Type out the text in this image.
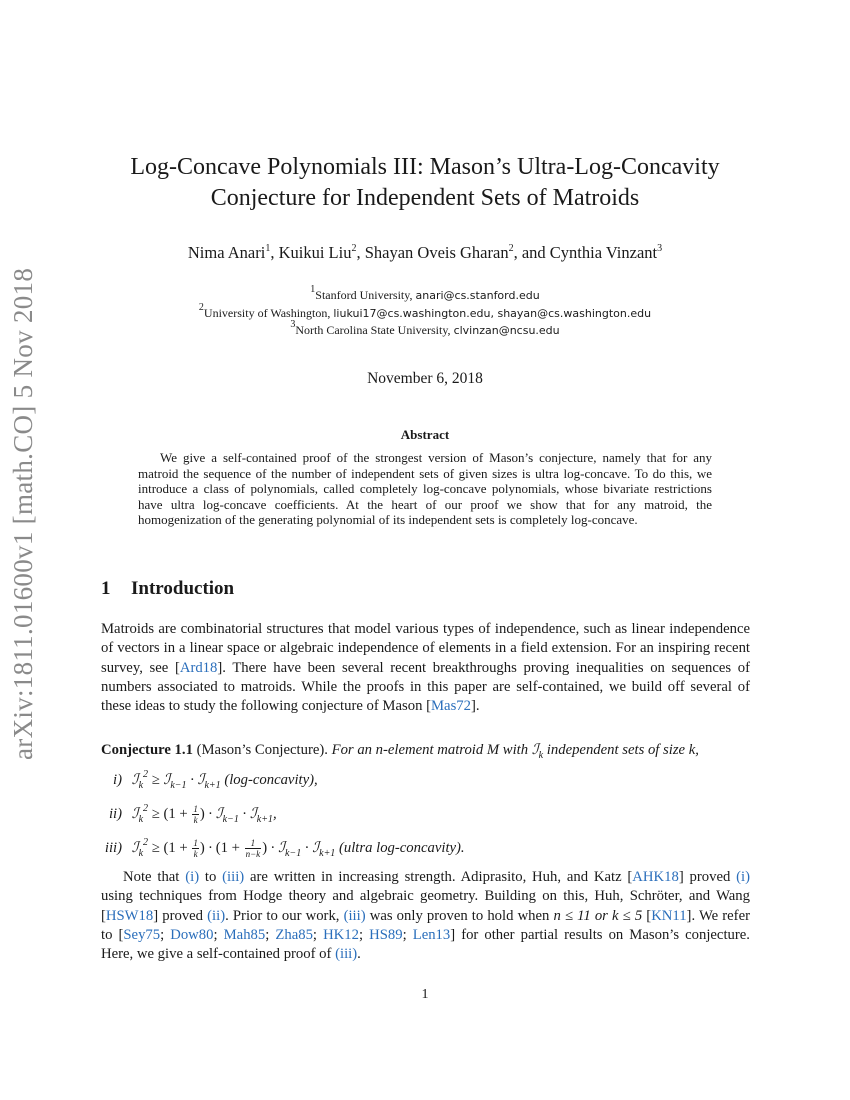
arXiv:1811.01600v1 [math.CO] 5 Nov 2018
Log-Concave Polynomials III: Mason’s Ultra-Log-Concavity
Conjecture for Independent Sets of Matroids
Nima Anari$^1$, Kuikui Liu$^2$, Shayan Oveis Gharan$^2$, and Cynthia Vinzant$^3$
$^1$Stanford University, anari@cs.stanford.edu
$^2$University of Washington, liukui17@cs.washington.edu, shayan@cs.washington.edu
$^3$North Carolina State University, clvinzan@ncsu.edu
November 6, 2018
Abstract
We give a self-contained proof of the strongest version of Mason’s conjecture, namely that for any matroid the sequence of the number of independent sets of given sizes is ultra log-concave. To do this, we introduce a class of polynomials, called completely log-concave polynomials, whose bivariate restrictions have ultra log-concave coefficients. At the heart of our proof we show that for any matroid, the homogenization of the generating polynomial of its independent sets is completely log-concave.
1 Introduction
Matroids are combinatorial structures that model various types of independence, such as linear independence of vectors in a linear space or algebraic independence of elements in a field extension. For an inspiring recent survey, see [Ard18]. There have been several recent breakthroughs proving inequalities on sequences of numbers associated to matroids. While the proofs in this paper are self-contained, we build off several of these ideas to study the following conjecture of Mason [Mas72].
Conjecture 1.1 (Mason’s Conjecture). For an n-element matroid M with ℐ$_k$ independent sets of size k,
i) ℐ$_k^2$ ≥ ℐ$_{k-1}$ · ℐ$_{k+1}$ (log-concavity),
ii) ℐ$_k^2$ ≥ ($1 + \frac{1}{k}$ ) · ℐ$_{k-1}$ · ℐ$_{k+1}$,
iii) ℐ$_k^2$ ≥ ($1 + \frac{1}{k}$ ) · ($1 + \frac{1}{n-k}$ ) · ℐ$_{k-1}$ · ℐ$_{k+1}$ (ultra log-concavity).
Note that (i) to (iii) are written in increasing strength. Adiprasito, Huh, and Katz [AHK18] proved (i) using techniques from Hodge theory and algebraic geometry. Building on this, Huh, Schröter, and Wang [HSW18] proved (ii). Prior to our work, (iii) was only proven to hold when n ≤ 11 or k ≤ 5 [KN11]. We refer to [Sey75; Dow80; Mah85; Zha85; HK12; HS89; Len13] for other partial results on Mason’s conjecture. Here, we give a self-contained proof of (iii).
1
